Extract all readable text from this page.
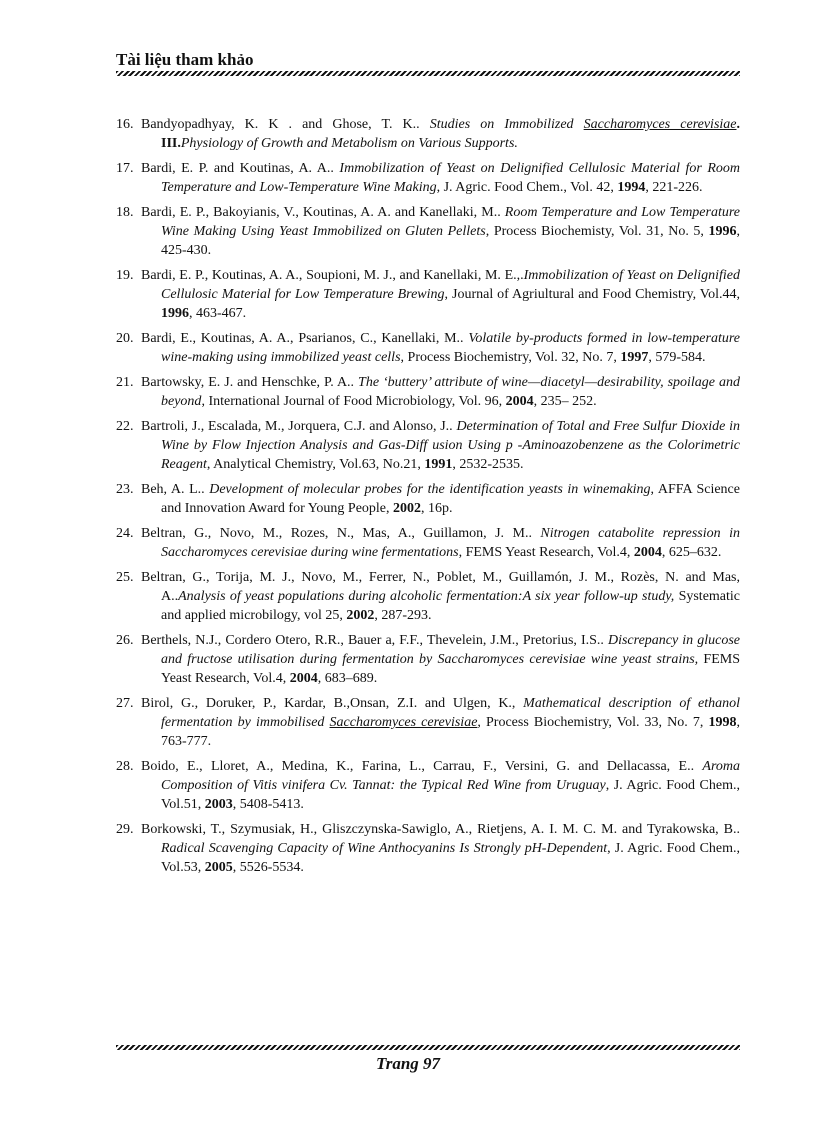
Tài liệu tham khảo
16. Bandyopadhyay, K. K . and Ghose, T. K.. Studies on Immobilized Saccharomyces cerevisiae. III.Physiology of Growth and Metabolism on Various Supports.
17. Bardi, E. P. and Koutinas, A. A.. Immobilization of Yeast on Delignified Cellulosic Material for Room Temperature and Low-Temperature Wine Making, J. Agric. Food Chem., Vol. 42, 1994, 221-226.
18. Bardi, E. P., Bakoyianis, V., Koutinas, A. A. and Kanellaki, M.. Room Temperature and Low Temperature Wine Making Using Yeast Immobilized on Gluten Pellets, Process Biochemisty, Vol. 31, No. 5, 1996, 425-430.
19. Bardi, E. P., Koutinas, A. A., Soupioni, M. J., and Kanellaki, M. E.,.Immobilization of Yeast on Delignified Cellulosic Material for Low Temperature Brewing, Journal of Agriultural and Food Chemistry, Vol.44, 1996, 463-467.
20. Bardi, E., Koutinas, A. A., Psarianos, C., Kanellaki, M.. Volatile by-products formed in low-temperature wine-making using immobilized yeast cells, Process Biochemistry, Vol. 32, No. 7, 1997, 579-584.
21. Bartowsky, E. J. and Henschke, P. A.. The ‘buttery’ attribute of wine—diacetyl—desirability, spoilage and beyond, International Journal of Food Microbiology, Vol. 96, 2004, 235– 252.
22. Bartroli, J., Escalada, M., Jorquera, C.J. and Alonso, J.. Determination of Total and Free Sulfur Dioxide in Wine by Flow Injection Analysis and Gas-Diff usion Using p -Aminoazobenzene as the Colorimetric Reagent, Analytical Chemistry, Vol.63, No.21, 1991, 2532-2535.
23. Beh, A. L.. Development of molecular probes for the identification yeasts in winemaking, AFFA Science and Innovation Award for Young People, 2002, 16p.
24. Beltran, G., Novo, M., Rozes, N., Mas, A., Guillamon, J. M.. Nitrogen catabolite repression in Saccharomyces cerevisiae during wine fermentations, FEMS Yeast Research, Vol.4, 2004, 625–632.
25. Beltran, G., Torija, M. J., Novo, M., Ferrer, N., Poblet, M., Guillamón, J. M., Rozès, N. and Mas, A..Analysis of yeast populations during alcoholic fermentation:A six year follow-up study, Systematic and applied microbilogy, vol 25, 2002, 287-293.
26. Berthels, N.J., Cordero Otero, R.R., Bauer a, F.F., Thevelein, J.M., Pretorius, I.S.. Discrepancy in glucose and fructose utilisation during fermentation by Saccharomyces cerevisiae wine yeast strains, FEMS Yeast Research, Vol.4, 2004, 683–689.
27. Birol, G., Doruker, P., Kardar, B.,Onsan, Z.I. and Ulgen, K., Mathematical description of ethanol fermentation by immobilised Saccharomyces cerevisiae, Process Biochemistry, Vol. 33, No. 7, 1998, 763-777.
28. Boido, E., Lloret, A., Medina, K., Farina, L., Carrau, F., Versini, G. and Dellacassa, E.. Aroma Composition of Vitis vinifera Cv. Tannat: the Typical Red Wine from Uruguay, J. Agric. Food Chem., Vol.51, 2003, 5408-5413.
29. Borkowski, T., Szymusiak, H., Gliszczynska-Sawiglo, A., Rietjens, A. I. M. C. M. and Tyrakowska, B.. Radical Scavenging Capacity of Wine Anthocyanins Is Strongly pH-Dependent, J. Agric. Food Chem., Vol.53, 2005, 5526-5534.
Trang 97
